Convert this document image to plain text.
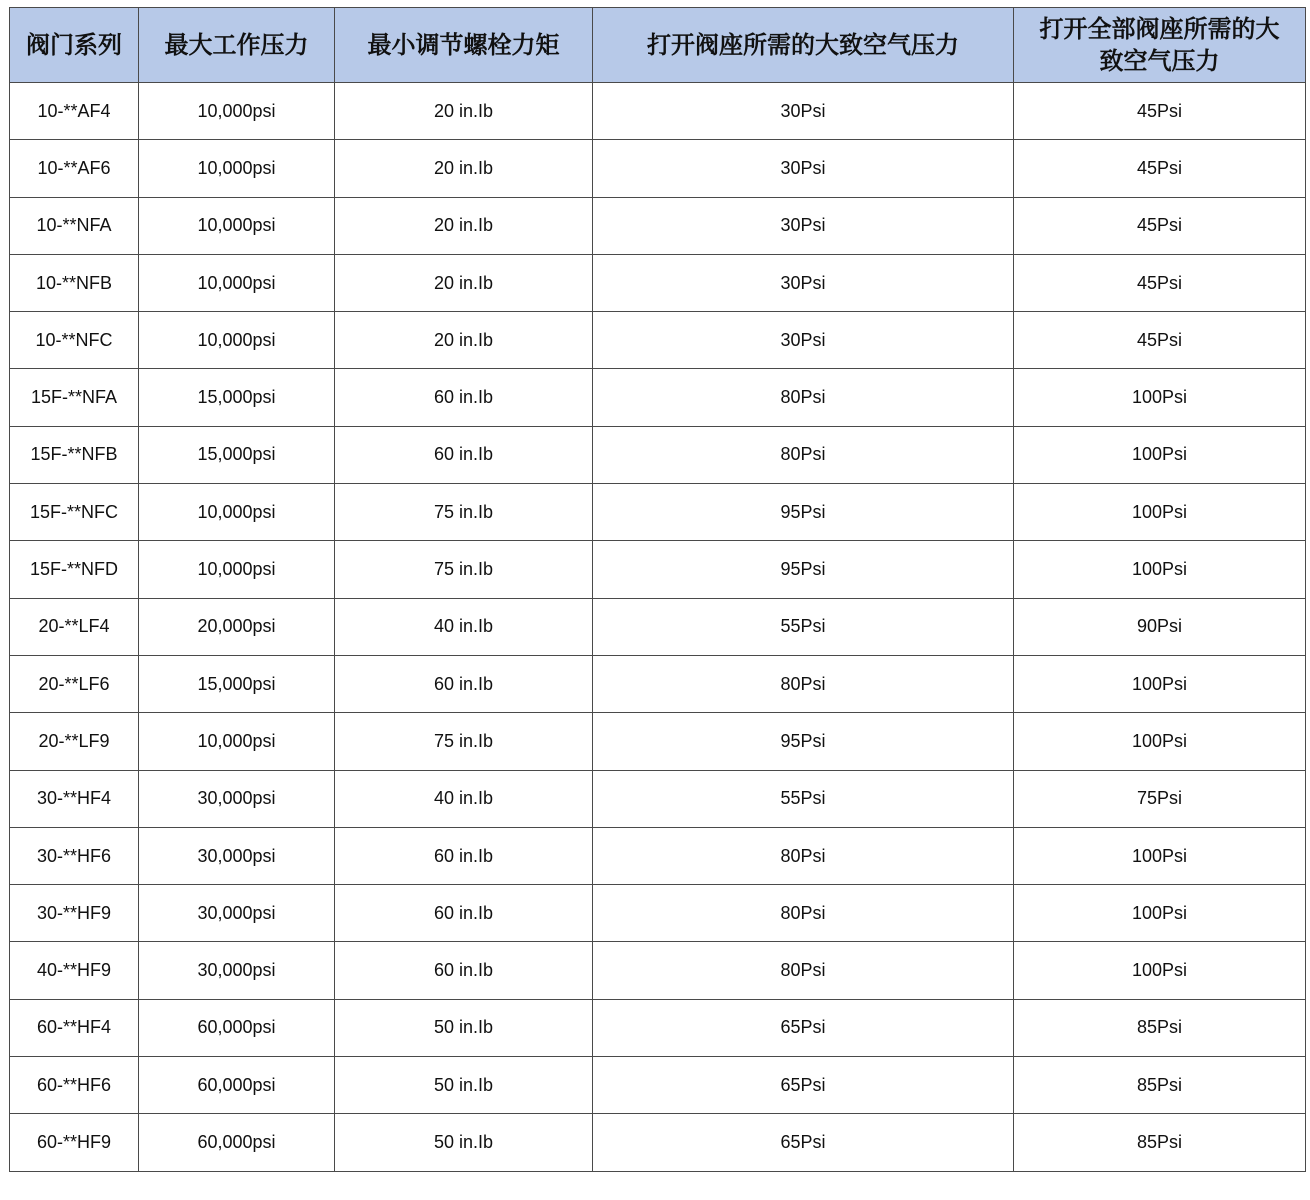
阀门系列	最大工作压力	最小调节螺栓力矩	打开阀座所需的大致空气压力	打开全部阀座所需的大致空气压力
10-**AF4	10,000psi	20 in.Ib	30Psi	45Psi
10-**AF6	10,000psi	20 in.Ib	30Psi	45Psi
10-**NFA	10,000psi	20 in.Ib	30Psi	45Psi
10-**NFB	10,000psi	20 in.Ib	30Psi	45Psi
10-**NFC	10,000psi	20 in.Ib	30Psi	45Psi
15F-**NFA	15,000psi	60 in.Ib	80Psi	100Psi
15F-**NFB	15,000psi	60 in.Ib	80Psi	100Psi
15F-**NFC	10,000psi	75 in.Ib	95Psi	100Psi
15F-**NFD	10,000psi	75 in.Ib	95Psi	100Psi
20-**LF4	20,000psi	40 in.Ib	55Psi	90Psi
20-**LF6	15,000psi	60 in.Ib	80Psi	100Psi
20-**LF9	10,000psi	75 in.Ib	95Psi	100Psi
30-**HF4	30,000psi	40 in.Ib	55Psi	75Psi
30-**HF6	30,000psi	60 in.Ib	80Psi	100Psi
30-**HF9	30,000psi	60 in.Ib	80Psi	100Psi
40-**HF9	30,000psi	60 in.Ib	80Psi	100Psi
60-**HF4	60,000psi	50 in.Ib	65Psi	85Psi
60-**HF6	60,000psi	50 in.Ib	65Psi	85Psi
60-**HF9	60,000psi	50 in.Ib	65Psi	85Psi
